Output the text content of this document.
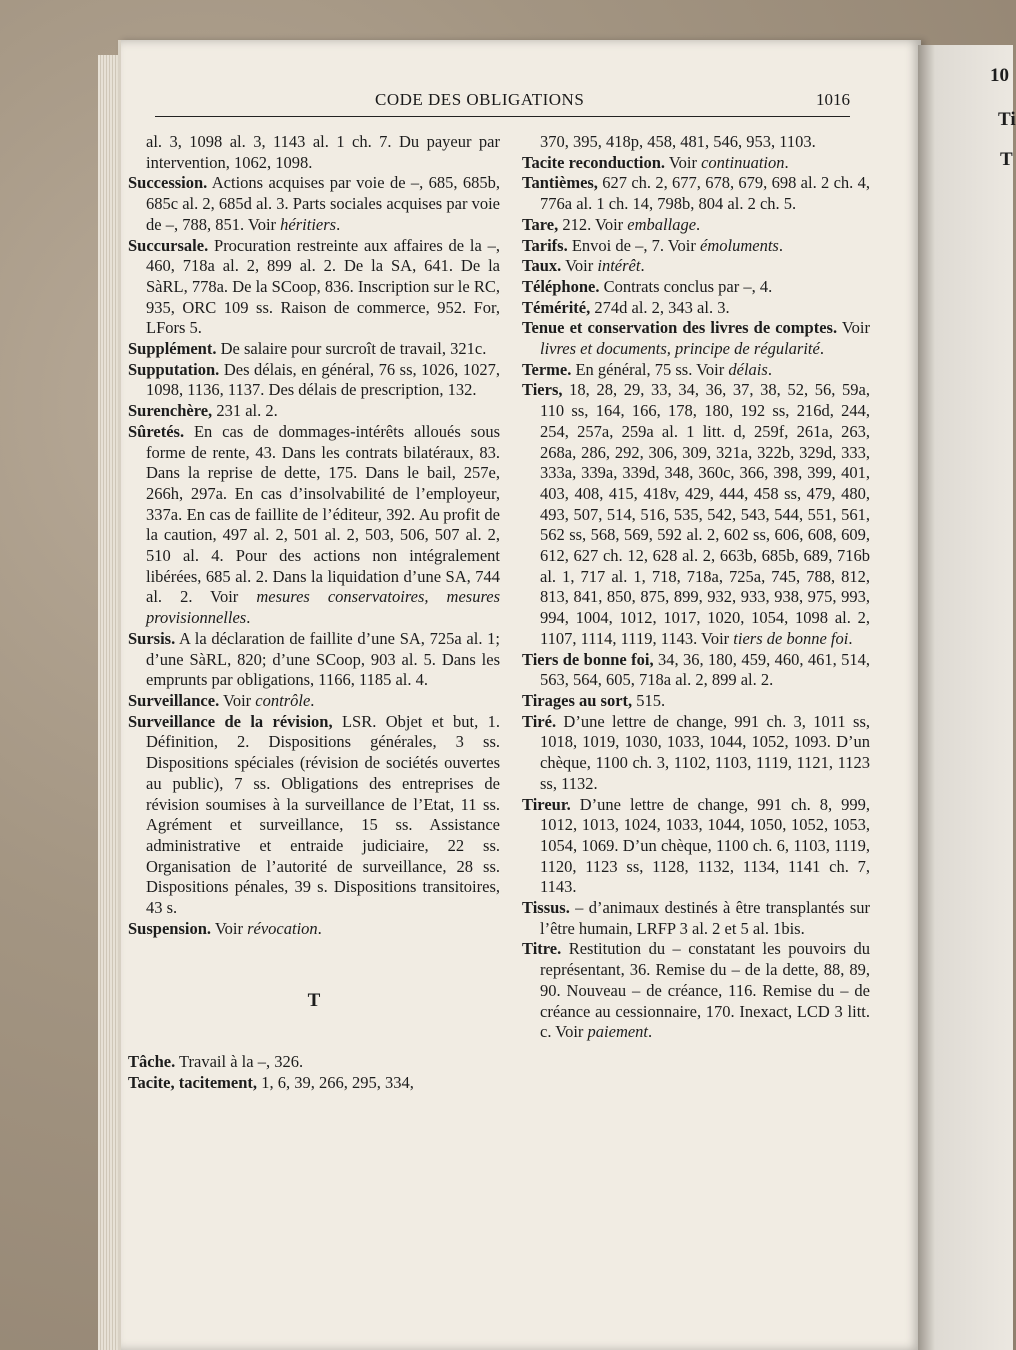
10
Ti
T
CODE DES OBLIGATIONS	1016

al. 3, 1098 al. 3, 1143 al. 1 ch. 7. Du payeur par intervention, 1062, 1098.

Succession. Actions acquises par voie de –, 685, 685b, 685c al. 2, 685d al. 3. Parts sociales acquises par voie de –, 788, 851. Voir héritiers.

Succursale. Procuration restreinte aux affaires de la –, 460, 718a al. 2, 899 al. 2. De la SA, 641. De la SàRL, 778a. De la SCoop, 836. Inscription sur le RC, 935, ORC 109 ss. Raison de commerce, 952. For, LFors 5.

Supplément. De salaire pour surcroît de travail, 321c.

Supputation. Des délais, en général, 76 ss, 1026, 1027, 1098, 1136, 1137. Des délais de prescription, 132.

Surenchère, 231 al. 2.

Sûretés. En cas de dommages-intérêts alloués sous forme de rente, 43. Dans les contrats bilatéraux, 83. Dans la reprise de dette, 175. Dans le bail, 257e, 266h, 297a. En cas d’insolvabilité de l’employeur, 337a. En cas de faillite de l’éditeur, 392. Au profit de la caution, 497 al. 2, 501 al. 2, 503, 506, 507 al. 2, 510 al. 4. Pour des actions non intégralement libérées, 685 al. 2. Dans la liquidation d’une SA, 744 al. 2. Voir mesures conservatoires, mesures provisionnelles.

Sursis. A la déclaration de faillite d’une SA, 725a al. 1; d’une SàRL, 820; d’une SCoop, 903 al. 5. Dans les emprunts par obligations, 1166, 1185 al. 4.

Surveillance. Voir contrôle.

Surveillance de la révision, LSR. Objet et but, 1. Définition, 2. Dispositions générales, 3 ss. Dispositions spéciales (révision de sociétés ouvertes au public), 7 ss. Obligations des entreprises de révision soumises à la surveillance de l’Etat, 11 ss. Agrément et surveillance, 15 ss. Assistance administrative et entraide judiciaire, 22 ss. Organisation de l’autorité de surveillance, 28 ss. Dispositions pénales, 39 s. Dispositions transitoires, 43 s.

Suspension. Voir révocation.

T

Tâche. Travail à la –, 326.

Tacite, tacitement, 1, 6, 39, 266, 295, 334,

370, 395, 418p, 458, 481, 546, 953, 1103.

Tacite reconduction. Voir continuation.

Tantièmes, 627 ch. 2, 677, 678, 679, 698 al. 2 ch. 4, 776a al. 1 ch. 14, 798b, 804 al. 2 ch. 5.

Tare, 212. Voir emballage.

Tarifs. Envoi de –, 7. Voir émoluments.

Taux. Voir intérêt.

Téléphone. Contrats conclus par –, 4.

Témérité, 274d al. 2, 343 al. 3.

Tenue et conservation des livres de comptes. Voir livres et documents, principe de régularité.

Terme. En général, 75 ss. Voir délais.

Tiers, 18, 28, 29, 33, 34, 36, 37, 38, 52, 56, 59a, 110 ss, 164, 166, 178, 180, 192 ss, 216d, 244, 254, 257a, 259a al. 1 litt. d, 259f, 261a, 263, 268a, 286, 292, 306, 309, 321a, 322b, 329d, 333, 333a, 339a, 339d, 348, 360c, 366, 398, 399, 401, 403, 408, 415, 418v, 429, 444, 458 ss, 479, 480, 493, 507, 514, 516, 535, 542, 543, 544, 551, 561, 562 ss, 568, 569, 592 al. 2, 602 ss, 606, 608, 609, 612, 627 ch. 12, 628 al. 2, 663b, 685b, 689, 716b al. 1, 717 al. 1, 718, 718a, 725a, 745, 788, 812, 813, 841, 850, 875, 899, 932, 933, 938, 975, 993, 994, 1004, 1012, 1017, 1020, 1054, 1098 al. 2, 1107, 1114, 1119, 1143. Voir tiers de bonne foi.

Tiers de bonne foi, 34, 36, 180, 459, 460, 461, 514, 563, 564, 605, 718a al. 2, 899 al. 2.

Tirages au sort, 515.

Tiré. D’une lettre de change, 991 ch. 3, 1011 ss, 1018, 1019, 1030, 1033, 1044, 1052, 1093. D’un chèque, 1100 ch. 3, 1102, 1103, 1119, 1121, 1123 ss, 1132.

Tireur. D’une lettre de change, 991 ch. 8, 999, 1012, 1013, 1024, 1033, 1044, 1050, 1052, 1053, 1054, 1069. D’un chèque, 1100 ch. 6, 1103, 1119, 1120, 1123 ss, 1128, 1132, 1134, 1141 ch. 7, 1143.

Tissus. – d’animaux destinés à être transplantés sur l’être humain, LRFP 3 al. 2 et 5 al. 1bis.

Titre. Restitution du – constatant les pouvoirs du représentant, 36. Remise du – de la dette, 88, 89, 90. Nouveau – de créance, 116. Remise du – de créance au cessionnaire, 170. Inexact, LCD 3 litt. c. Voir paiement.
